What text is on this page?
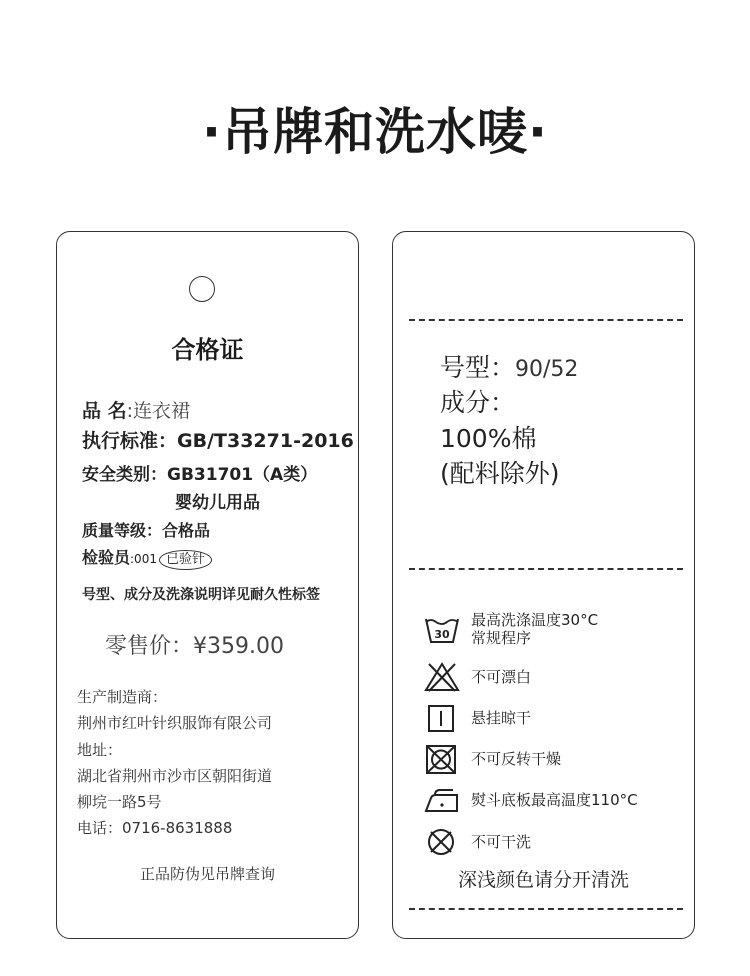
·吊牌和洗水唛·
合格证
品 名:连衣裙
执行标准：GB/T33271-2016
安全类别：GB31701（A类）
婴幼儿用品
质量等级：合格品
检验员:001 已验针
号型、成分及洗涤说明详见耐久性标签
零售价：¥359.00
生产制造商：
荆州市红叶针织服饰有限公司
地址：
湖北省荆州市沙市区朝阳街道
柳垸一路5号
电话：0716-8631888
正品防伪见吊牌查询
号型：90/52
成分：
100%棉
(配料除外)
30
最高洗涤温度30°C
常规程序
不可漂白
悬挂晾干
不可反转干燥
熨斗底板最高温度110°C
不可干洗
深浅颜色请分开清洗
